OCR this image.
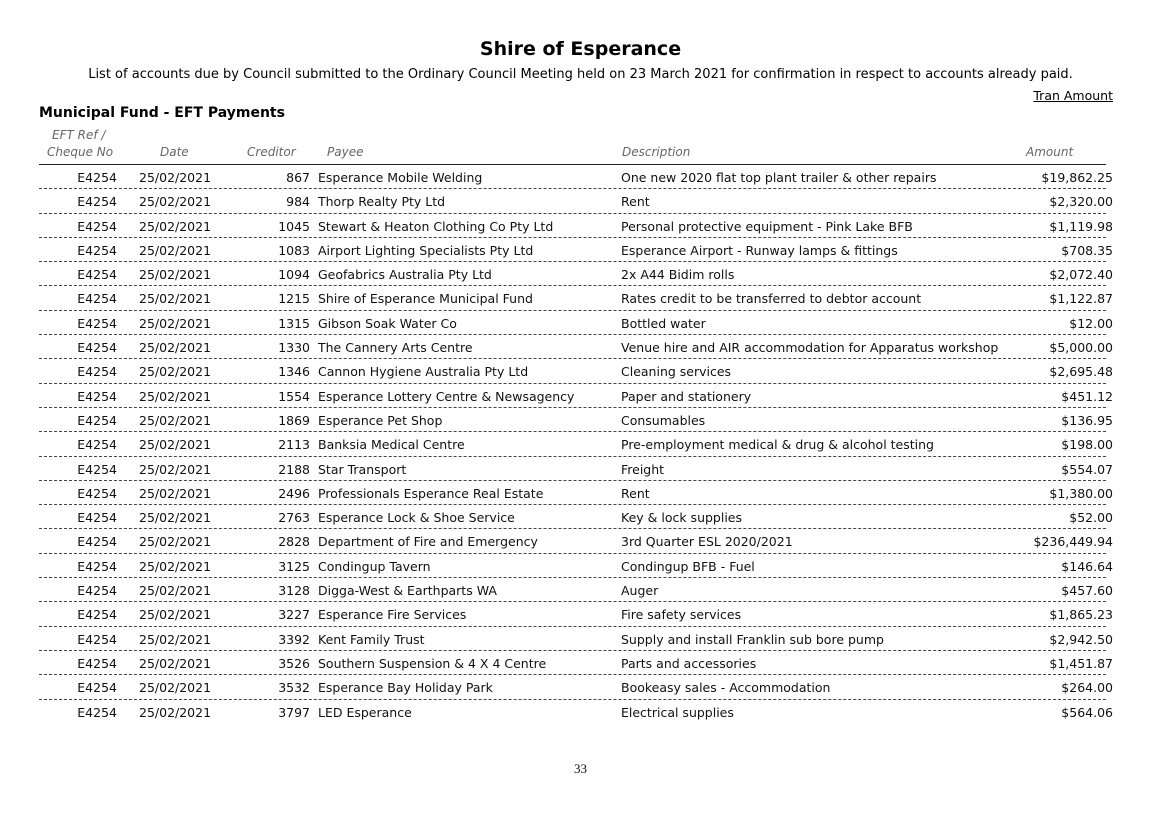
Shire of Esperance
List of accounts due by Council submitted to the Ordinary Council Meeting held on 23 March 2021 for confirmation in respect to accounts already paid.
Tran Amount
Municipal Fund - EFT Payments
EFT Ref /
Cheque No	Date	Creditor	Payee	Description	Amount
E4254 25/02/2021	867 Esperance Mobile Welding	One new 2020 flat top plant trailer & other repairs	$19,862.25
E4254 25/02/2021	984 Thorp Realty Pty Ltd	Rent	$2,320.00
E4254 25/02/2021	1045 Stewart & Heaton Clothing Co Pty Ltd	Personal protective equipment - Pink Lake BFB	$1,119.98
E4254 25/02/2021	1083 Airport Lighting Specialists Pty Ltd	Esperance Airport - Runway lamps & fittings	$708.35
E4254 25/02/2021	1094 Geofabrics Australia Pty Ltd	2x A44 Bidim rolls	$2,072.40
E4254 25/02/2021	1215 Shire of Esperance Municipal Fund	Rates credit to be transferred to debtor account	$1,122.87
E4254 25/02/2021	1315 Gibson Soak Water Co	Bottled water	$12.00
E4254 25/02/2021	1330 The Cannery Arts Centre	Venue hire and AIR accommodation for Apparatus workshop	$5,000.00
E4254 25/02/2021	1346 Cannon Hygiene Australia Pty Ltd	Cleaning services	$2,695.48
E4254 25/02/2021	1554 Esperance Lottery Centre & Newsagency	Paper and stationery	$451.12
E4254 25/02/2021	1869 Esperance Pet Shop	Consumables	$136.95
E4254 25/02/2021	2113 Banksia Medical Centre	Pre-employment medical & drug & alcohol testing	$198.00
E4254 25/02/2021	2188 Star Transport	Freight	$554.07
E4254 25/02/2021	2496 Professionals Esperance Real Estate	Rent	$1,380.00
E4254 25/02/2021	2763 Esperance Lock & Shoe Service	Key & lock supplies	$52.00
E4254 25/02/2021	2828 Department of Fire and Emergency	3rd Quarter ESL 2020/2021	$236,449.94
E4254 25/02/2021	3125 Condingup Tavern	Condingup BFB - Fuel	$146.64
E4254 25/02/2021	3128 Digga-West & Earthparts WA	Auger	$457.60
E4254 25/02/2021	3227 Esperance Fire Services	Fire safety services	$1,865.23
E4254 25/02/2021	3392 Kent Family Trust	Supply and install Franklin sub bore pump	$2,942.50
E4254 25/02/2021	3526 Southern Suspension & 4 X 4 Centre	Parts and accessories	$1,451.87
E4254 25/02/2021	3532 Esperance Bay Holiday Park	Bookeasy sales - Accommodation	$264.00
E4254 25/02/2021	3797 LED Esperance	Electrical supplies	$564.06
33
